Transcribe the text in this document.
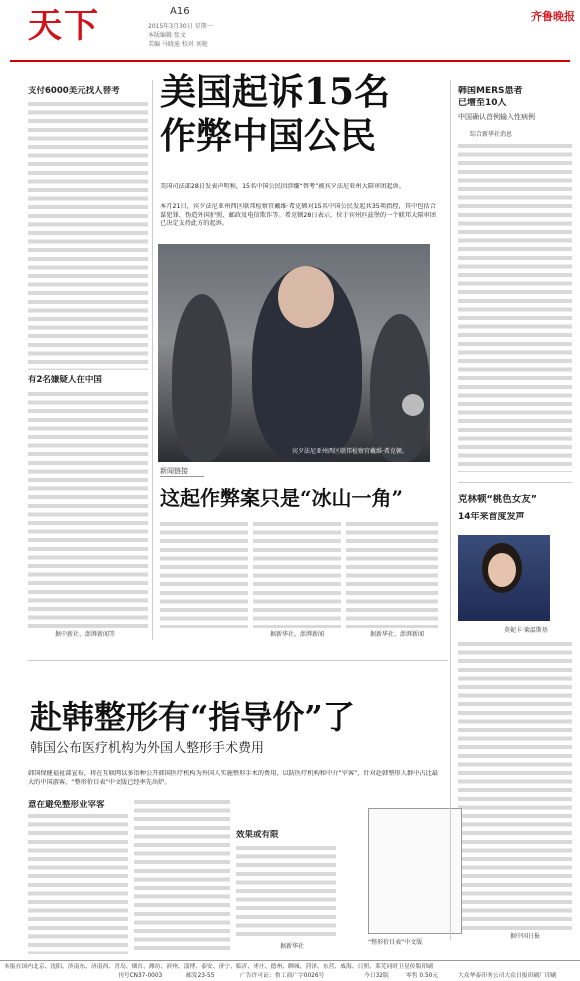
天下	A16
2015年3月30日 星期一
本版编辑 张文
美编 马晓迪 校对 刘艳
齐鲁晚报
支付6000美元找人替考
有2名嫌疑人在中国
据中新社、澎湃新闻等
美国起诉15名
作弊中国公民
美国司法部28日发表声明称，15名中国公民因涉嫌“替考”被宾夕法尼亚州大陪审团起诉。
本月21日，宾夕法尼亚州西区联邦检察官戴维·希克顿对15名中国公民发起共35项指控，其中包括合谋犯罪、伪造外国护照、邮政及电信欺诈等。希克顿28日表示，位于宾州匹兹堡的一个联邦大陪审团已决定支持此方的起诉。
宾夕法尼亚州西区联邦检察官戴维·希克顿。
新闻链接
这起作弊案只是“冰山一角”
据新华社、澎湃新闻	据新华社、澎湃新闻
韩国MERS患者
已增至10人
中国确认首例输入性病例
综合新华社消息
克林顿“桃色女友”
14年来首度发声
莫妮卡·莱温斯基
据中国日报
赴韩整形有“指导价”了
韩国公布医疗机构为外国人整形手术费用
韩国保健福祉部宣布，将在互联网以多语种公开韩国医疗机构为外国人实施整形手术的费用，以防医疗机构和中介“宰客”，针对赴韩整形人群中占比最大的中国游客，“整形价目表”中文版已经率先出炉。
意在避免整形业宰客
效果或有限
据新华社
“整形价目表”中文版
本报在国内北京、沈阳、济南东、济南西、青岛、烟台、潍坊、滨州、淄博、泰安、济宁、临沂、枣庄、德州、聊城、菏泽、东营、威海、日照、莱芜同时卫星传版印刷
刊号CN37-0003	邮发23-55	广告许可证：鲁工商广字0026号	今日32版	零售 0.50元	大众华泰印务公司大众日报印刷厂印刷
